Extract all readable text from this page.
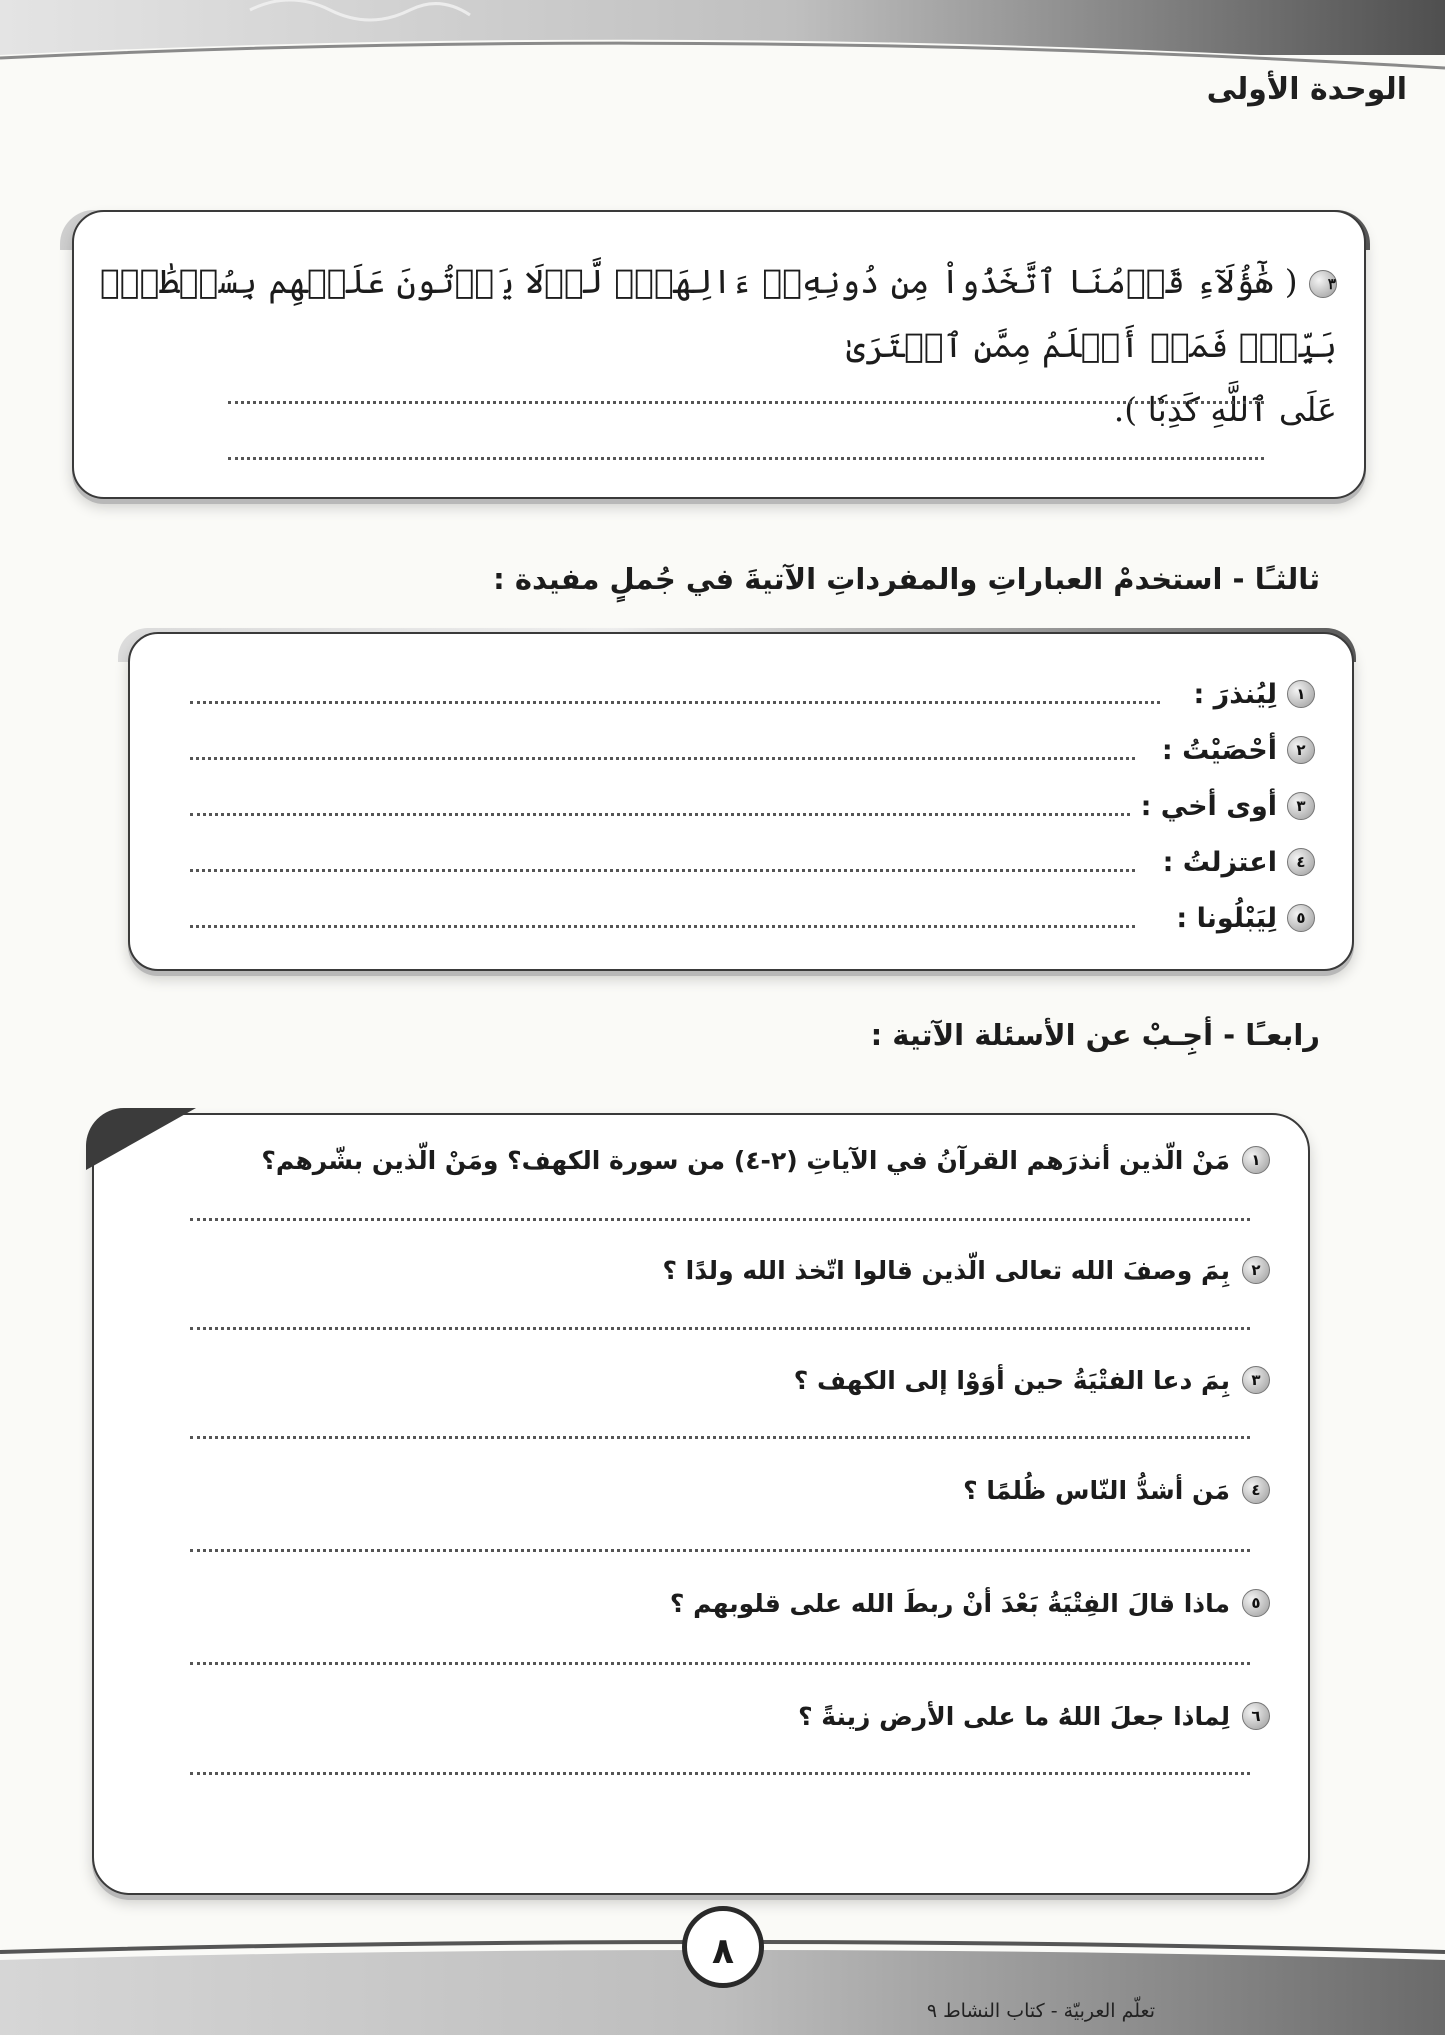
الوحدة الأولى
٣ ( هَٰٓؤُلَآءِ قَوۡمُنَا ٱتَّخَذُواْ مِن دُونِهِۦٓ ءَالِهَةٗۖ لَّوۡلَا يَأۡتُونَ عَلَيۡهِم بِسُلۡطَٰنِۭ بَيِّنٖۖ فَمَنۡ أَظۡلَمُ مِمَّنِ ٱفۡتَرَىٰ
عَلَى ٱللَّهِ كَذِبٗا ).
ثالثـًا - استخدمْ العباراتِ والمفرداتِ الآتيةَ في جُملٍ مفيدة :
١
لِيُنذرَ :
٢
أحْصَيْتُ :
٣
أوى أخي :
٤
اعتزلتُ :
٥
لِيَبْلُونا :
رابعـًا - أجِـبْ عن الأسئلة الآتية :
١
مَنْ الّذين أنذرَهم القرآنُ في الآياتِ (٢-٤) من سورة الكهف؟ ومَنْ الّذين بشّرهم؟
٢
بِمَ وصفَ الله تعالى الّذين قالوا اتّخذ الله ولدًا ؟
٣
بِمَ دعا الفتْيَةُ حين أوَوْا إلى الكهف ؟
٤
مَن أشدُّ النّاس ظُلمًا ؟
٥
ماذا قالَ الفِتْيَةُ بَعْدَ أنْ ربطَ الله على قلوبهم ؟
٦
لِماذا جعلَ اللهُ ما على الأرض زينةً ؟
٨
تعلّم العربيّة - كتاب النشاط ٩
